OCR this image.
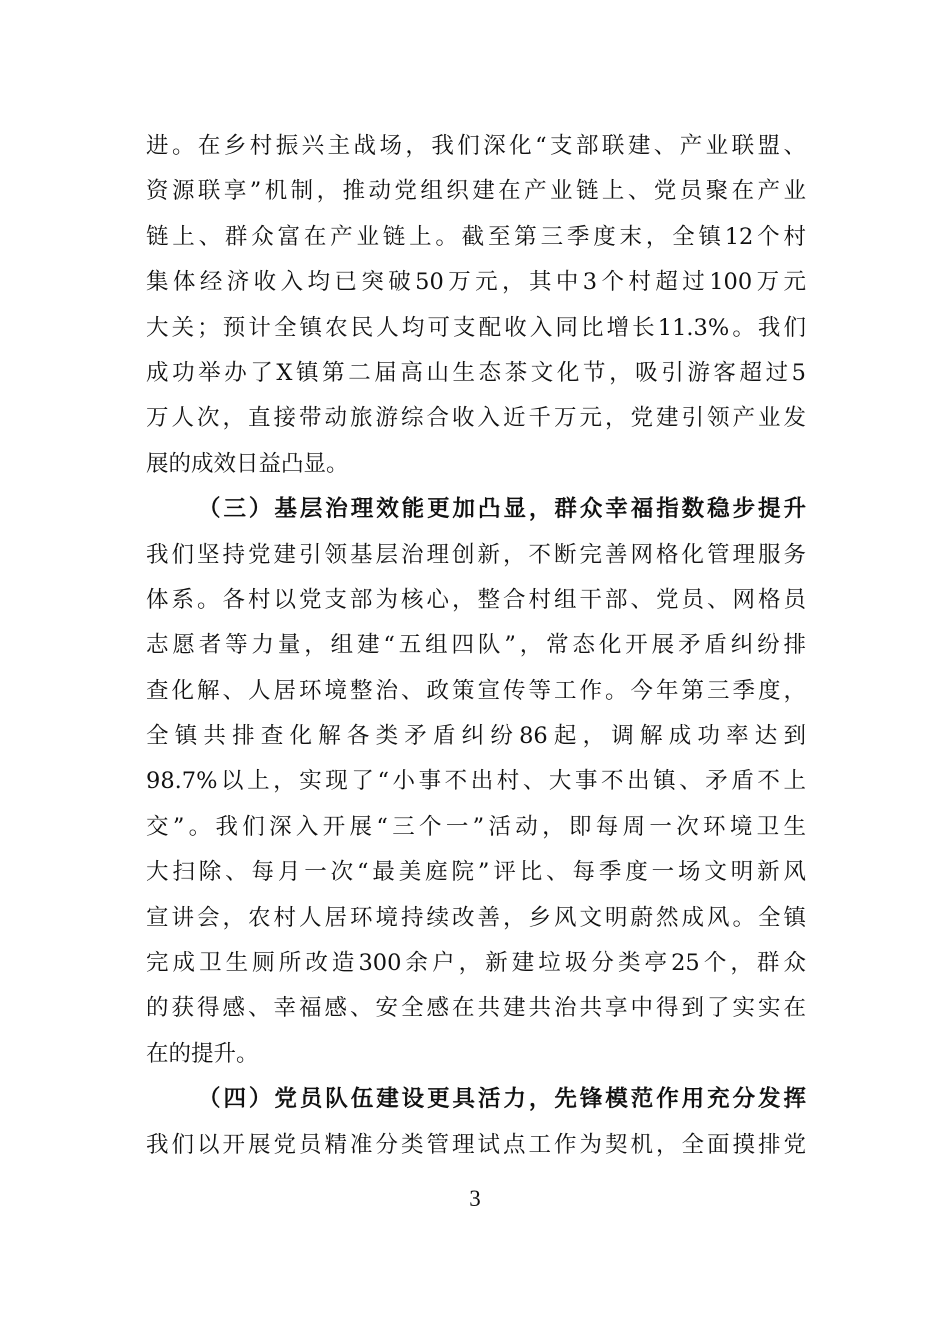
进。在乡村振兴主战场，我们深化“支部联建、产业联盟、
资源联享”机制，推动党组织建在产业链上、党员聚在产业
链上、群众富在产业链上。截至第三季度末，全镇12个村
集体经济收入均已突破50万元，其中3个村超过100万元
大关；预计全镇农民人均可支配收入同比增长11.3%。我们
成功举办了X镇第二届高山生态茶文化节，吸引游客超过5
万人次，直接带动旅游综合收入近千万元，党建引领产业发
展的成效日益凸显。
（三）基层治理效能更加凸显，群众幸福指数稳步提升
我们坚持党建引领基层治理创新，不断完善网格化管理服务
体系。各村以党支部为核心，整合村组干部、党员、网格员
志愿者等力量，组建“五组四队”，常态化开展矛盾纠纷排
查化解、人居环境整治、政策宣传等工作。今年第三季度，
全镇共排查化解各类矛盾纠纷86起，调解成功率达到
98.7%以上，实现了“小事不出村、大事不出镇、矛盾不上
交”。我们深入开展“三个一”活动，即每周一次环境卫生
大扫除、每月一次“最美庭院”评比、每季度一场文明新风
宣讲会，农村人居环境持续改善，乡风文明蔚然成风。全镇
完成卫生厕所改造300余户，新建垃圾分类亭25个，群众
的获得感、幸福感、安全感在共建共治共享中得到了实实在
在的提升。
（四）党员队伍建设更具活力，先锋模范作用充分发挥
我们以开展党员精准分类管理试点工作为契机，全面摸排党
3
